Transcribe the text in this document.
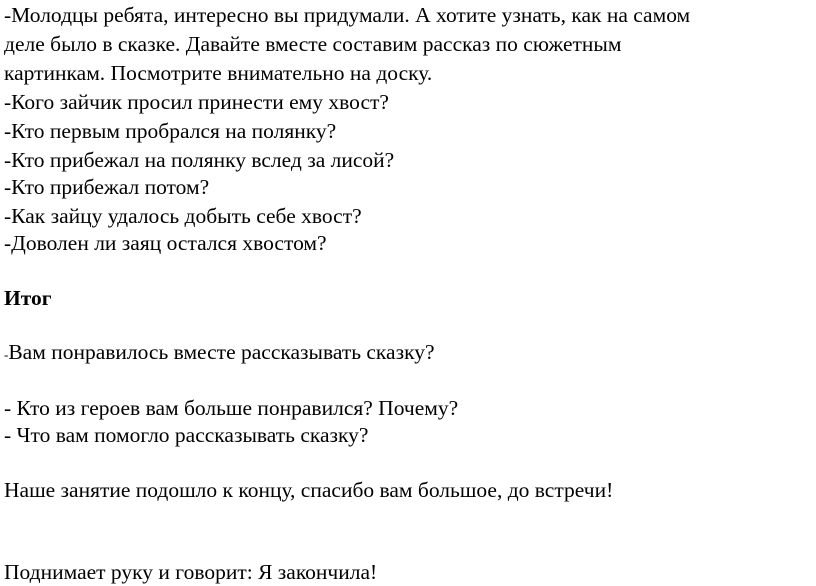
-Молодцы ребята, интересно вы придумали. А хотите узнать, как на самом
деле было в сказке. Давайте вместе составим рассказ по сюжетным
картинкам. Посмотрите внимательно на доску.
-Кого зайчик просил принести ему хвост?
-Кто первым пробрался на полянку?
-Кто прибежал на полянку вслед за лисой?
-Кто прибежал потом?
-Как зайцу удалось добыть себе хвост?
-Доволен ли заяц остался хвостом?
Итог
-Вам понравилось вместе рассказывать сказку?
- Кто из героев вам больше понравился? Почему?
- Что вам помогло рассказывать сказку?
Наше занятие подошло к концу, спасибо вам большое, до встречи!
Поднимает руку и говорит: Я закончила!
